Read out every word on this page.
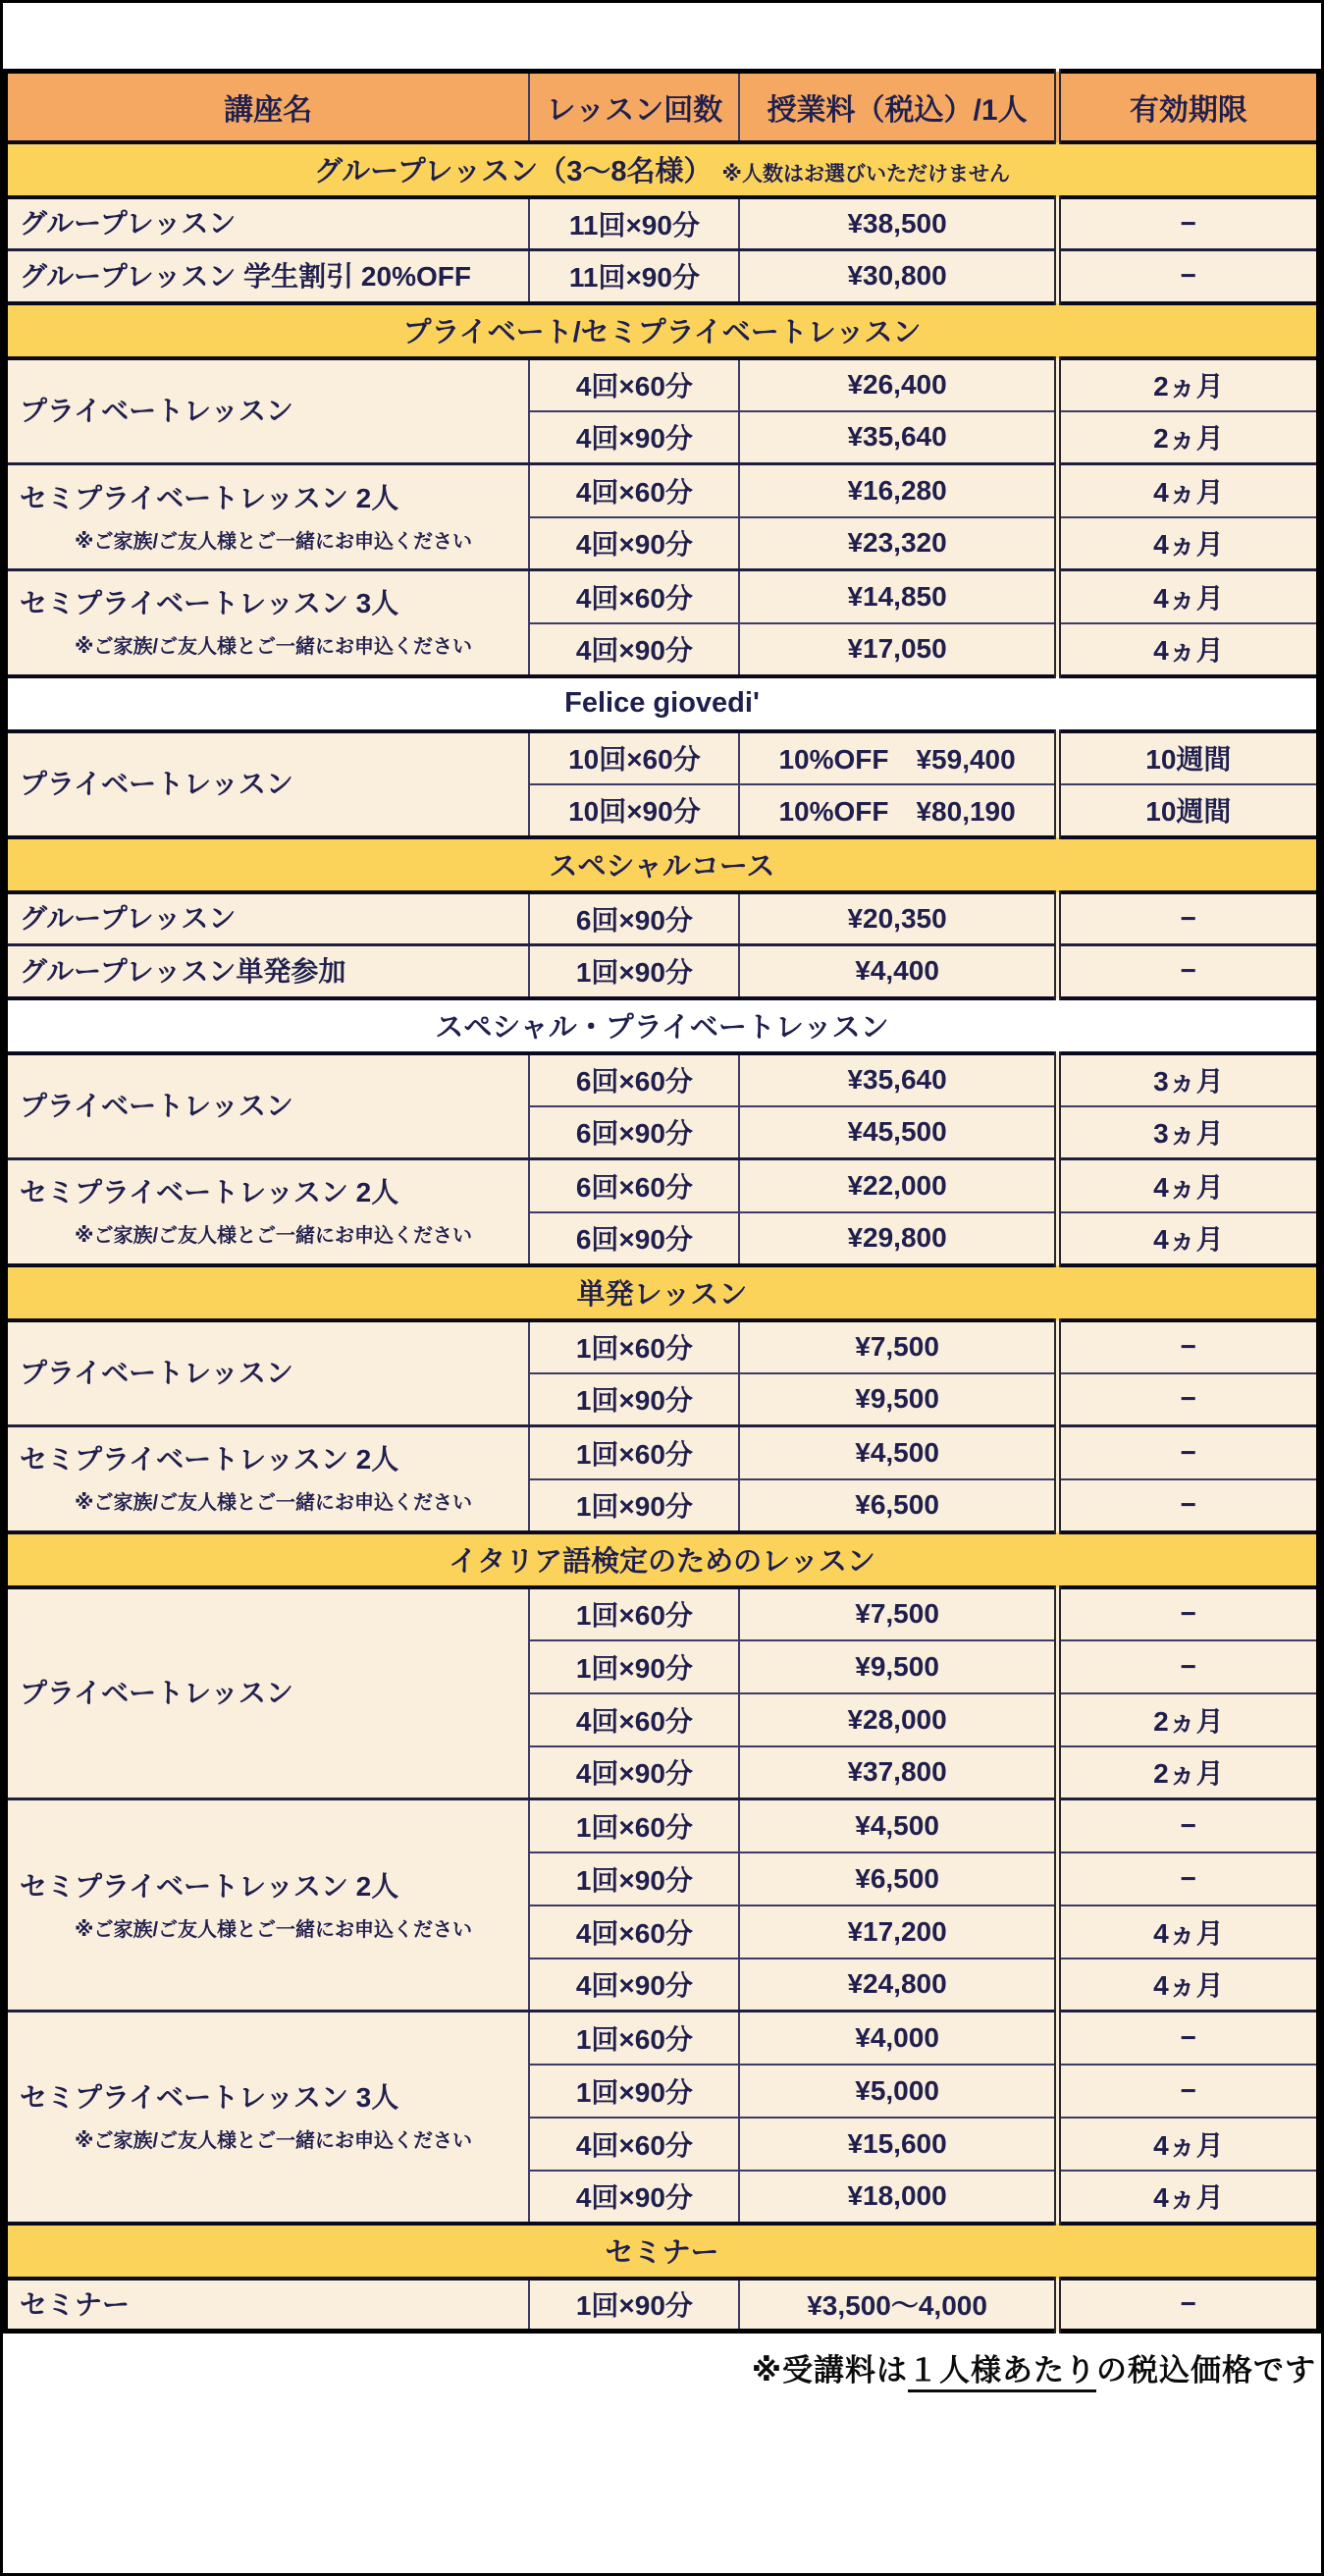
講座名	レッスン回数	授業料（税込）/1人	有効期限
グループレッスン（3〜8名様） ※人数はお選びいただけません			

グループレッスン	11回×90分	¥38,500	−

グループレッスン 学生割引 20%OFF	11回×90分	¥30,800	−
プライベート/セミプライベートレッスン			

プライベートレッスン	4回×60分	¥26,400	2ヵ月
	4回×90分	¥35,640	2ヵ月

セミプライベートレッスン 2人
※ご家族/ご友人様とご一緒にお申込ください	4回×60分	¥16,280	4ヵ月
	4回×90分	¥23,320	4ヵ月

セミプライベートレッスン 3人
※ご家族/ご友人様とご一緒にお申込ください	4回×60分	¥14,850	4ヵ月
	4回×90分	¥17,050	4ヵ月
Felice giovedi'			

プライベートレッスン	10回×60分	10%OFF　¥59,400	10週間
	10回×90分	10%OFF　¥80,190	10週間
スペシャルコース			

グループレッスン	6回×90分	¥20,350	−

グループレッスン単発参加	1回×90分	¥4,400	−
スペシャル・プライベートレッスン			

プライベートレッスン	6回×60分	¥35,640	3ヵ月
	6回×90分	¥45,500	3ヵ月

セミプライベートレッスン 2人
※ご家族/ご友人様とご一緒にお申込ください	6回×60分	¥22,000	4ヵ月
	6回×90分	¥29,800	4ヵ月
単発レッスン			

プライベートレッスン	1回×60分	¥7,500	−
	1回×90分	¥9,500	−

セミプライベートレッスン 2人
※ご家族/ご友人様とご一緒にお申込ください	1回×60分	¥4,500	−
	1回×90分	¥6,500	−
イタリア語検定のためのレッスン			

プライベートレッスン	1回×60分	¥7,500	−
	1回×90分	¥9,500	−
	4回×60分	¥28,000	2ヵ月
	4回×90分	¥37,800	2ヵ月

セミプライベートレッスン 2人
※ご家族/ご友人様とご一緒にお申込ください	1回×60分	¥4,500	−
	1回×90分	¥6,500	−
	4回×60分	¥17,200	4ヵ月
	4回×90分	¥24,800	4ヵ月

セミプライベートレッスン 3人
※ご家族/ご友人様とご一緒にお申込ください	1回×60分	¥4,000	−
	1回×90分	¥5,000	−
	4回×60分	¥15,600	4ヵ月
	4回×90分	¥18,000	4ヵ月
セミナー			

セミナー	1回×90分	¥3,500〜4,000	−
※受講料は１人様あたりの税込価格です
